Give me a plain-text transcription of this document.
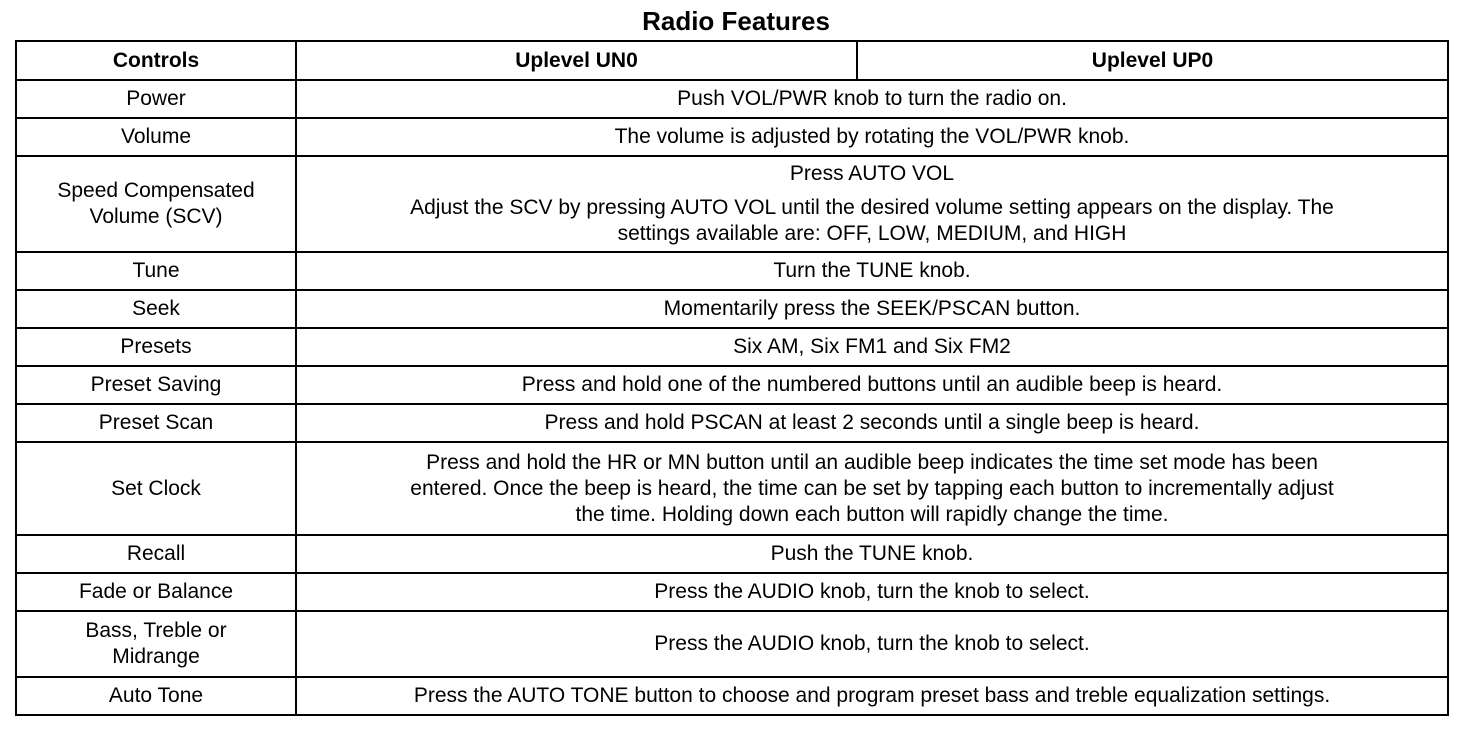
Radio Features
Controls	Uplevel UN0	Uplevel UP0

Power	Push VOL/PWR knob to turn the radio on.	

Volume	The volume is adjusted by rotating the VOL/PWR knob.	

Speed Compensated
Volume (SCV)	Press AUTO VOL
Adjust the SCV by pressing AUTO VOL until the desired volume setting appears on the display. The
settings available are: OFF, LOW, MEDIUM, and HIGH	

Tune	Turn the TUNE knob.	

Seek	Momentarily press the SEEK/PSCAN button.	

Presets	Six AM, Six FM1 and Six FM2	

Preset Saving	Press and hold one of the numbered buttons until an audible beep is heard.	

Preset Scan	Press and hold PSCAN at least 2 seconds until a single beep is heard.	

Set Clock	Press and hold the HR or MN button until an audible beep indicates the time set mode has been
entered. Once the beep is heard, the time can be set by tapping each button to incrementally adjust
the time. Holding down each button will rapidly change the time.	

Recall	Push the TUNE knob.	

Fade or Balance	Press the AUDIO knob, turn the knob to select.	

Bass, Treble or
Midrange	Press the AUDIO knob, turn the knob to select.	

Auto Tone	Press the AUTO TONE button to choose and program preset bass and treble equalization settings.	
